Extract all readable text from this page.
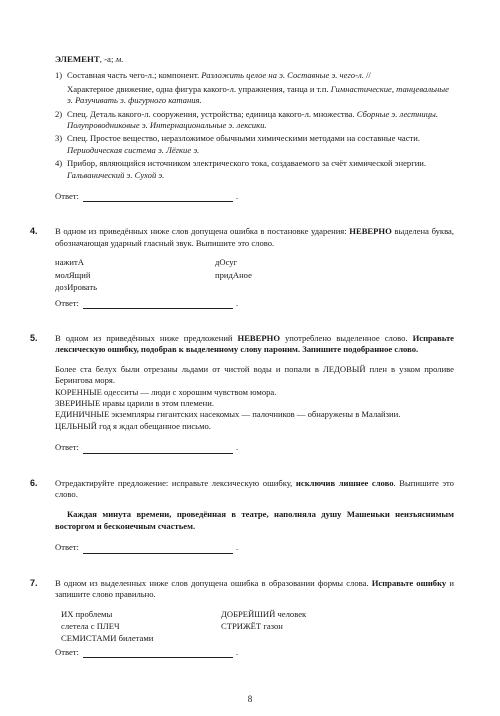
ЭЛЕМЕНТ, -а; м.
1) Составная часть чего-л.; компонент. Разложить целое на э. Составные э. чего-л. //
Характерное движение, одна фигура какого-л. упражнения, танца и т.п. Гимнастические, танцевальные э. Разучивать э. фигурного катания.
2) Спец. Деталь какого-л. сооружения, устройства; единица какого-л. множества. Сборные э. лестницы. Полупроводниковые э. Интернациональные э. лексики.
3) Спец. Простое вещество, неразложимое обычными химическими методами на составные части. Периодическая система э. Лёгкие э.
4) Прибор, являющийся источником электрического тока, создаваемого за счёт химической энергии. Гальванический э. Сухой э.
Ответ:	.
4.	В одном из приведённых ниже слов допущена ошибка в постановке ударения: НЕВЕРНО выделена буква, обозначающая ударный гласный звук. Выпишите это слово.

нажитА	дОсуг
молЯщий	придАное
дозИровать
Ответ:	.
5.	В одном из приведённых ниже предложений НЕВЕРНО употреблено выделенное слово. Исправьте лексическую ошибку, подобрав к выделенному слову пароним. Запишите подобранное слово.

Более ста белух были отрезаны льдами от чистой воды и попали в ЛЕДОВЫЙ плен в узком проливе Беринговa моря.

КОРЕННЫЕ одесситы — люди с хорошим чувством юмора.

ЗВЕРИНЫЕ нравы царили в этом племени.

ЕДИНИЧНЫЕ экземпляры гигантских насекомых — палочников — обнаружены в Малайзии.

ЦЕЛЬНЫЙ год я ждал обещанное письмо.

Ответ:	.
6.	Отредактируйте предложение: исправьте лексическую ошибку, исключив лишнее слово. Выпишите это слово.

Каждая минута времени, проведённая в театре, наполняла душу Машеньки неизъяснимым восторгом и бесконечным счастьем.

Ответ:	.
7.	В одном из выделенных ниже слов допущена ошибка в образовании формы слова. Исправьте ошибку и запишите слово правильно.

ИХ проблемы	ДОБРЕЙШИЙ человек
слетела с ПЛЕЧ	СТРИЖЁТ газон
СЕМИСТАМИ билетами
Ответ:	.
8
